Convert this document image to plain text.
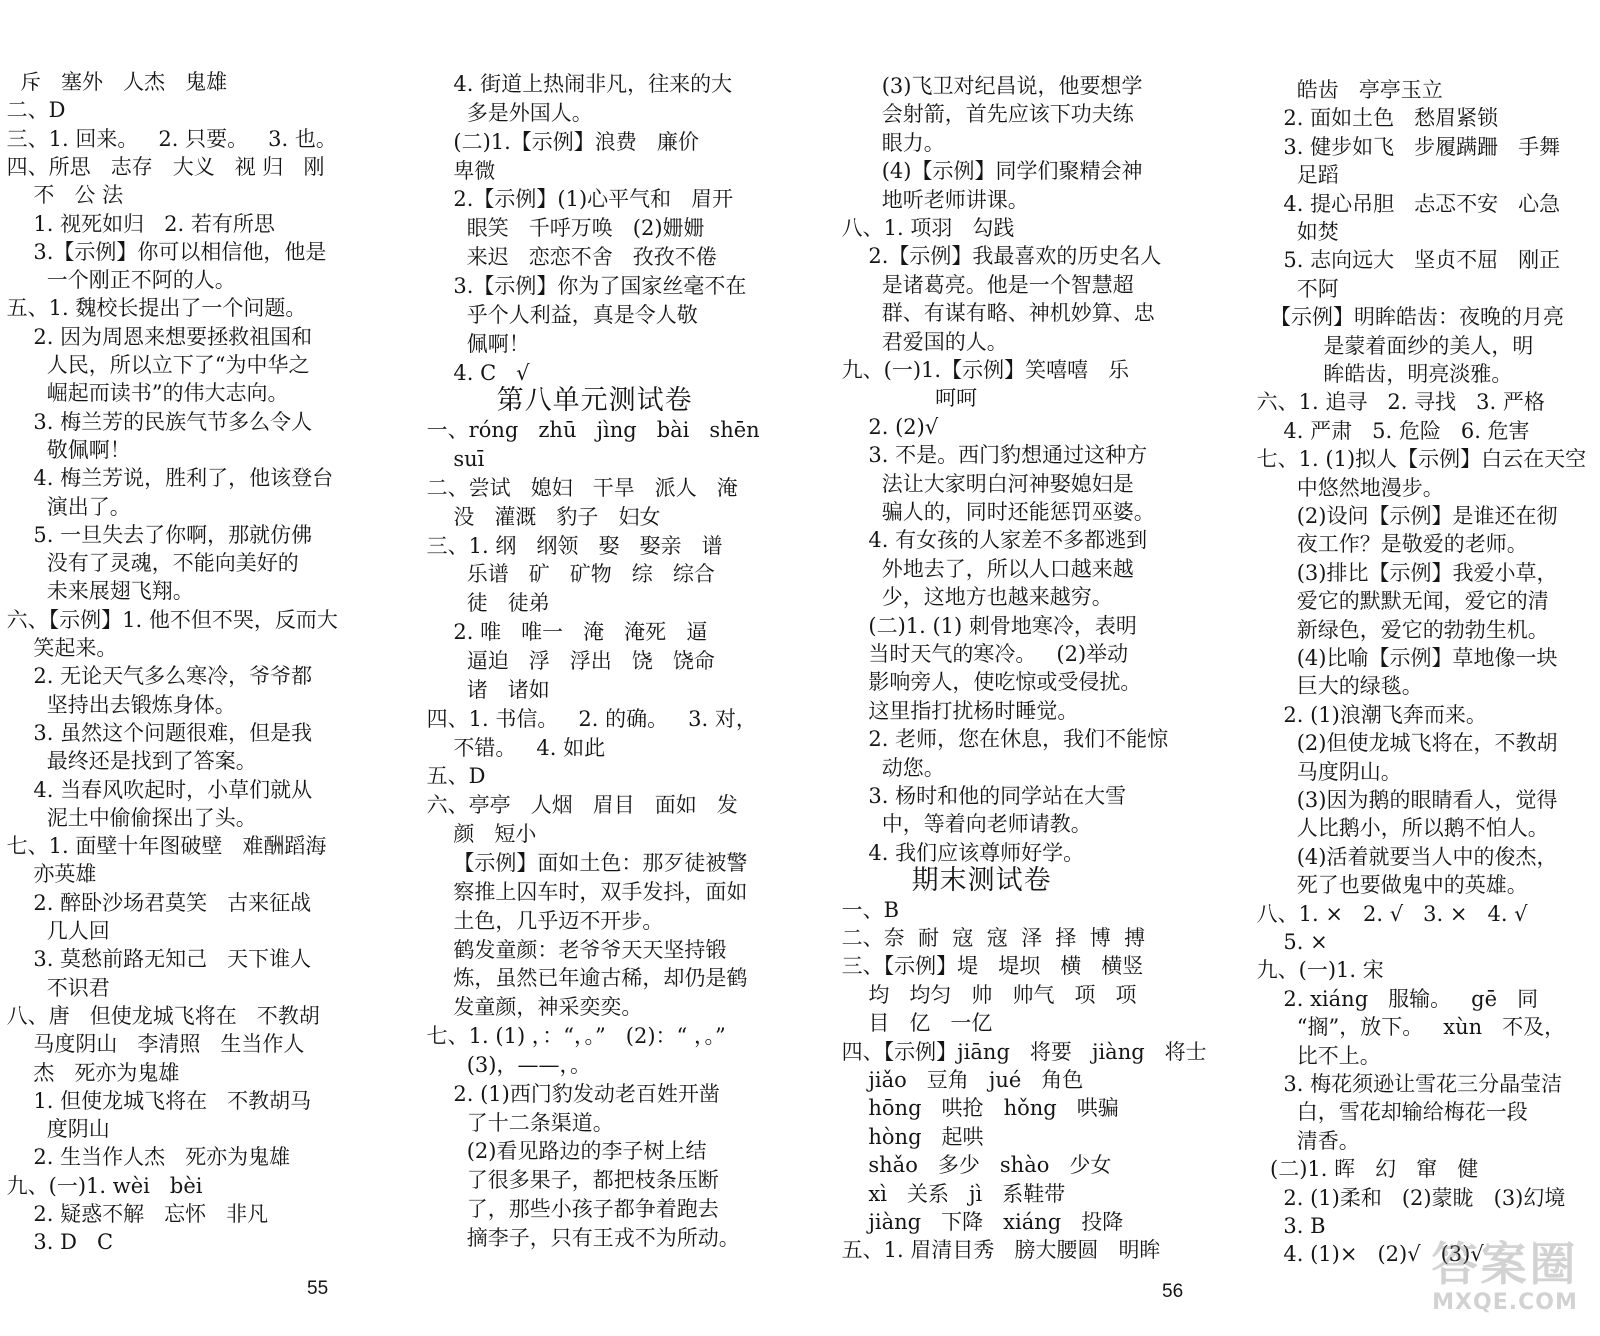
斥   塞外   人杰   鬼雄
二、D
三、1. 回来。   2. 只要。   3. 也。
四、所思   志存   大义   视 归   刚
不   公 法
1. 视死如归   2. 若有所思
3.【示例】你可以相信他，他是
一个刚正不阿的人。
五、1. 魏校长提出了一个问题。
2. 因为周恩来想要拯救祖国和
人民，所以立下了“为中华之
崛起而读书”的伟大志向。
3. 梅兰芳的民族气节多么令人
敬佩啊！
4. 梅兰芳说，胜利了，他该登台
演出了。
5. 一旦失去了你啊，那就仿佛
没有了灵魂，不能向美好的
未来展翅飞翔。
六、【示例】1. 他不但不哭，反而大
笑起来。
2. 无论天气多么寒冷，爷爷都
坚持出去锻炼身体。
3. 虽然这个问题很难，但是我
最终还是找到了答案。
4. 当春风吹起时，小草们就从
泥土中偷偷探出了头。
七、1. 面壁十年图破壁   难酬蹈海
亦英雄
2. 醉卧沙场君莫笑   古来征战
几人回
3. 莫愁前路无知己   天下谁人
不识君
八、唐   但使龙城飞将在   不教胡
马度阴山   李清照   生当作人
杰   死亦为鬼雄
1. 但使龙城飞将在   不教胡马
度阴山
2. 生当作人杰   死亦为鬼雄
九、(一)1. wèi   bèi
2. 疑惑不解   忘怀   非凡
3. D   C
4. 街道上热闹非凡，往来的大
多是外国人。
(二)1.【示例】浪费   廉价
卑微
2.【示例】(1)心平气和   眉开
眼笑   千呼万唤   (2)姗姗
来迟   恋恋不舍   孜孜不倦
3.【示例】你为了国家丝毫不在
乎个人利益，真是令人敬
佩啊！
4. C   √
第八单元测试卷
一、róng   zhū   jìng   bài   shēn
suī
二、尝试   媳妇   干旱   派人   淹
没   灌溉   豹子   妇女
三、1. 纲   纲领   娶   娶亲   谱
乐谱   矿   矿物   综   综合
徒   徒弟
2. 唯   唯一   淹   淹死   逼
逼迫   浮   浮出   饶   饶命
诸   诸如
四、1. 书信。   2. 的确。   3. 对，
不错。   4. 如此
五、D
六、亭亭   人烟   眉目   面如   发
颜   短小
【示例】面如土色：那歹徒被警
察推上囚车时，双手发抖，面如
土色，几乎迈不开步。
鹤发童颜：老爷爷天天坚持锻
炼，虽然已年逾古稀，却仍是鹤
发童颜，神采奕奕。
七、1. (1) ，：“，。”   (2)：“ ，。”
(3)，——，。
2. (1)西门豹发动老百姓开凿
了十二条渠道。
(2)看见路边的李子树上结
了很多果子，都把枝条压断
了，那些小孩子都争着跑去
摘李子，只有王戎不为所动。
(3)飞卫对纪昌说，他要想学
会射箭，首先应该下功夫练
眼力。
(4)【示例】同学们聚精会神
地听老师讲课。
八、1. 项羽   勾践
2.【示例】我最喜欢的历史名人
是诸葛亮。他是一个智慧超
群、有谋有略、神机妙算、忠
君爱国的人。
九、(一)1.【示例】笑嘻嘻   乐
呵呵
2. (2)√
3. 不是。西门豹想通过这种方
法让大家明白河神娶媳妇是
骗人的，同时还能惩罚巫婆。
4. 有女孩的人家差不多都逃到
外地去了，所以人口越来越
少，这地方也越来越穷。
(二)1. (1) 刺骨地寒冷，表明
当时天气的寒冷。   (2)举动
影响旁人，使吃惊或受侵扰。
这里指打扰杨时睡觉。
2. 老师，您在休息，我们不能惊
动您。
3. 杨时和他的同学站在大雪
中，等着向老师请教。
4. 我们应该尊师好学。
期末测试卷
一、B
二、奈  耐  寇  寇  泽  择  博  搏
三、【示例】堤   堤坝   横   横竖
均   均匀   帅   帅气   项   项
目   亿   一亿
四、【示例】jiāng   将要   jiàng   将士
jiǎo   豆角   jué   角色
hōng   哄抢   hǒng   哄骗
hòng   起哄
shǎo   多少   shào   少女
xì   关系   jì   系鞋带
jiàng   下降   xiáng   投降
五、1. 眉清目秀   膀大腰圆   明眸
皓齿   亭亭玉立
2. 面如土色   愁眉紧锁
3. 健步如飞   步履蹒跚   手舞
足蹈
4. 提心吊胆   忐忑不安   心急
如焚
5. 志向远大   坚贞不屈   刚正
不阿
【示例】明眸皓齿：夜晚的月亮
是蒙着面纱的美人，明
眸皓齿，明亮淡雅。
六、1. 追寻   2. 寻找   3. 严格
4. 严肃   5. 危险   6. 危害
七、1. (1)拟人【示例】白云在天空
中悠然地漫步。
(2)设问【示例】是谁还在彻
夜工作？是敬爱的老师。
(3)排比【示例】我爱小草，
爱它的默默无闻，爱它的清
新绿色，爱它的勃勃生机。
(4)比喻【示例】草地像一块
巨大的绿毯。
2. (1)浪潮飞奔而来。
(2)但使龙城飞将在，不教胡
马度阴山。
(3)因为鹅的眼睛看人，觉得
人比鹅小，所以鹅不怕人。
(4)活着就要当人中的俊杰，
死了也要做鬼中的英雄。
八、1. ×   2. √   3. ×   4. √
5. ×
九、(一)1. 宋
2. xiáng   服输。   gē   同
“搁”，放下。   xùn   不及，
比不上。
3. 梅花须逊让雪花三分晶莹洁
白，雪花却输给梅花一段
清香。
(二)1. 晖   幻   窜   健
2. (1)柔和   (2)蒙眬   (3)幻境
3. B
4. (1)×   (2)√   (3)√
55	56
答案圈
MXQE.COM
